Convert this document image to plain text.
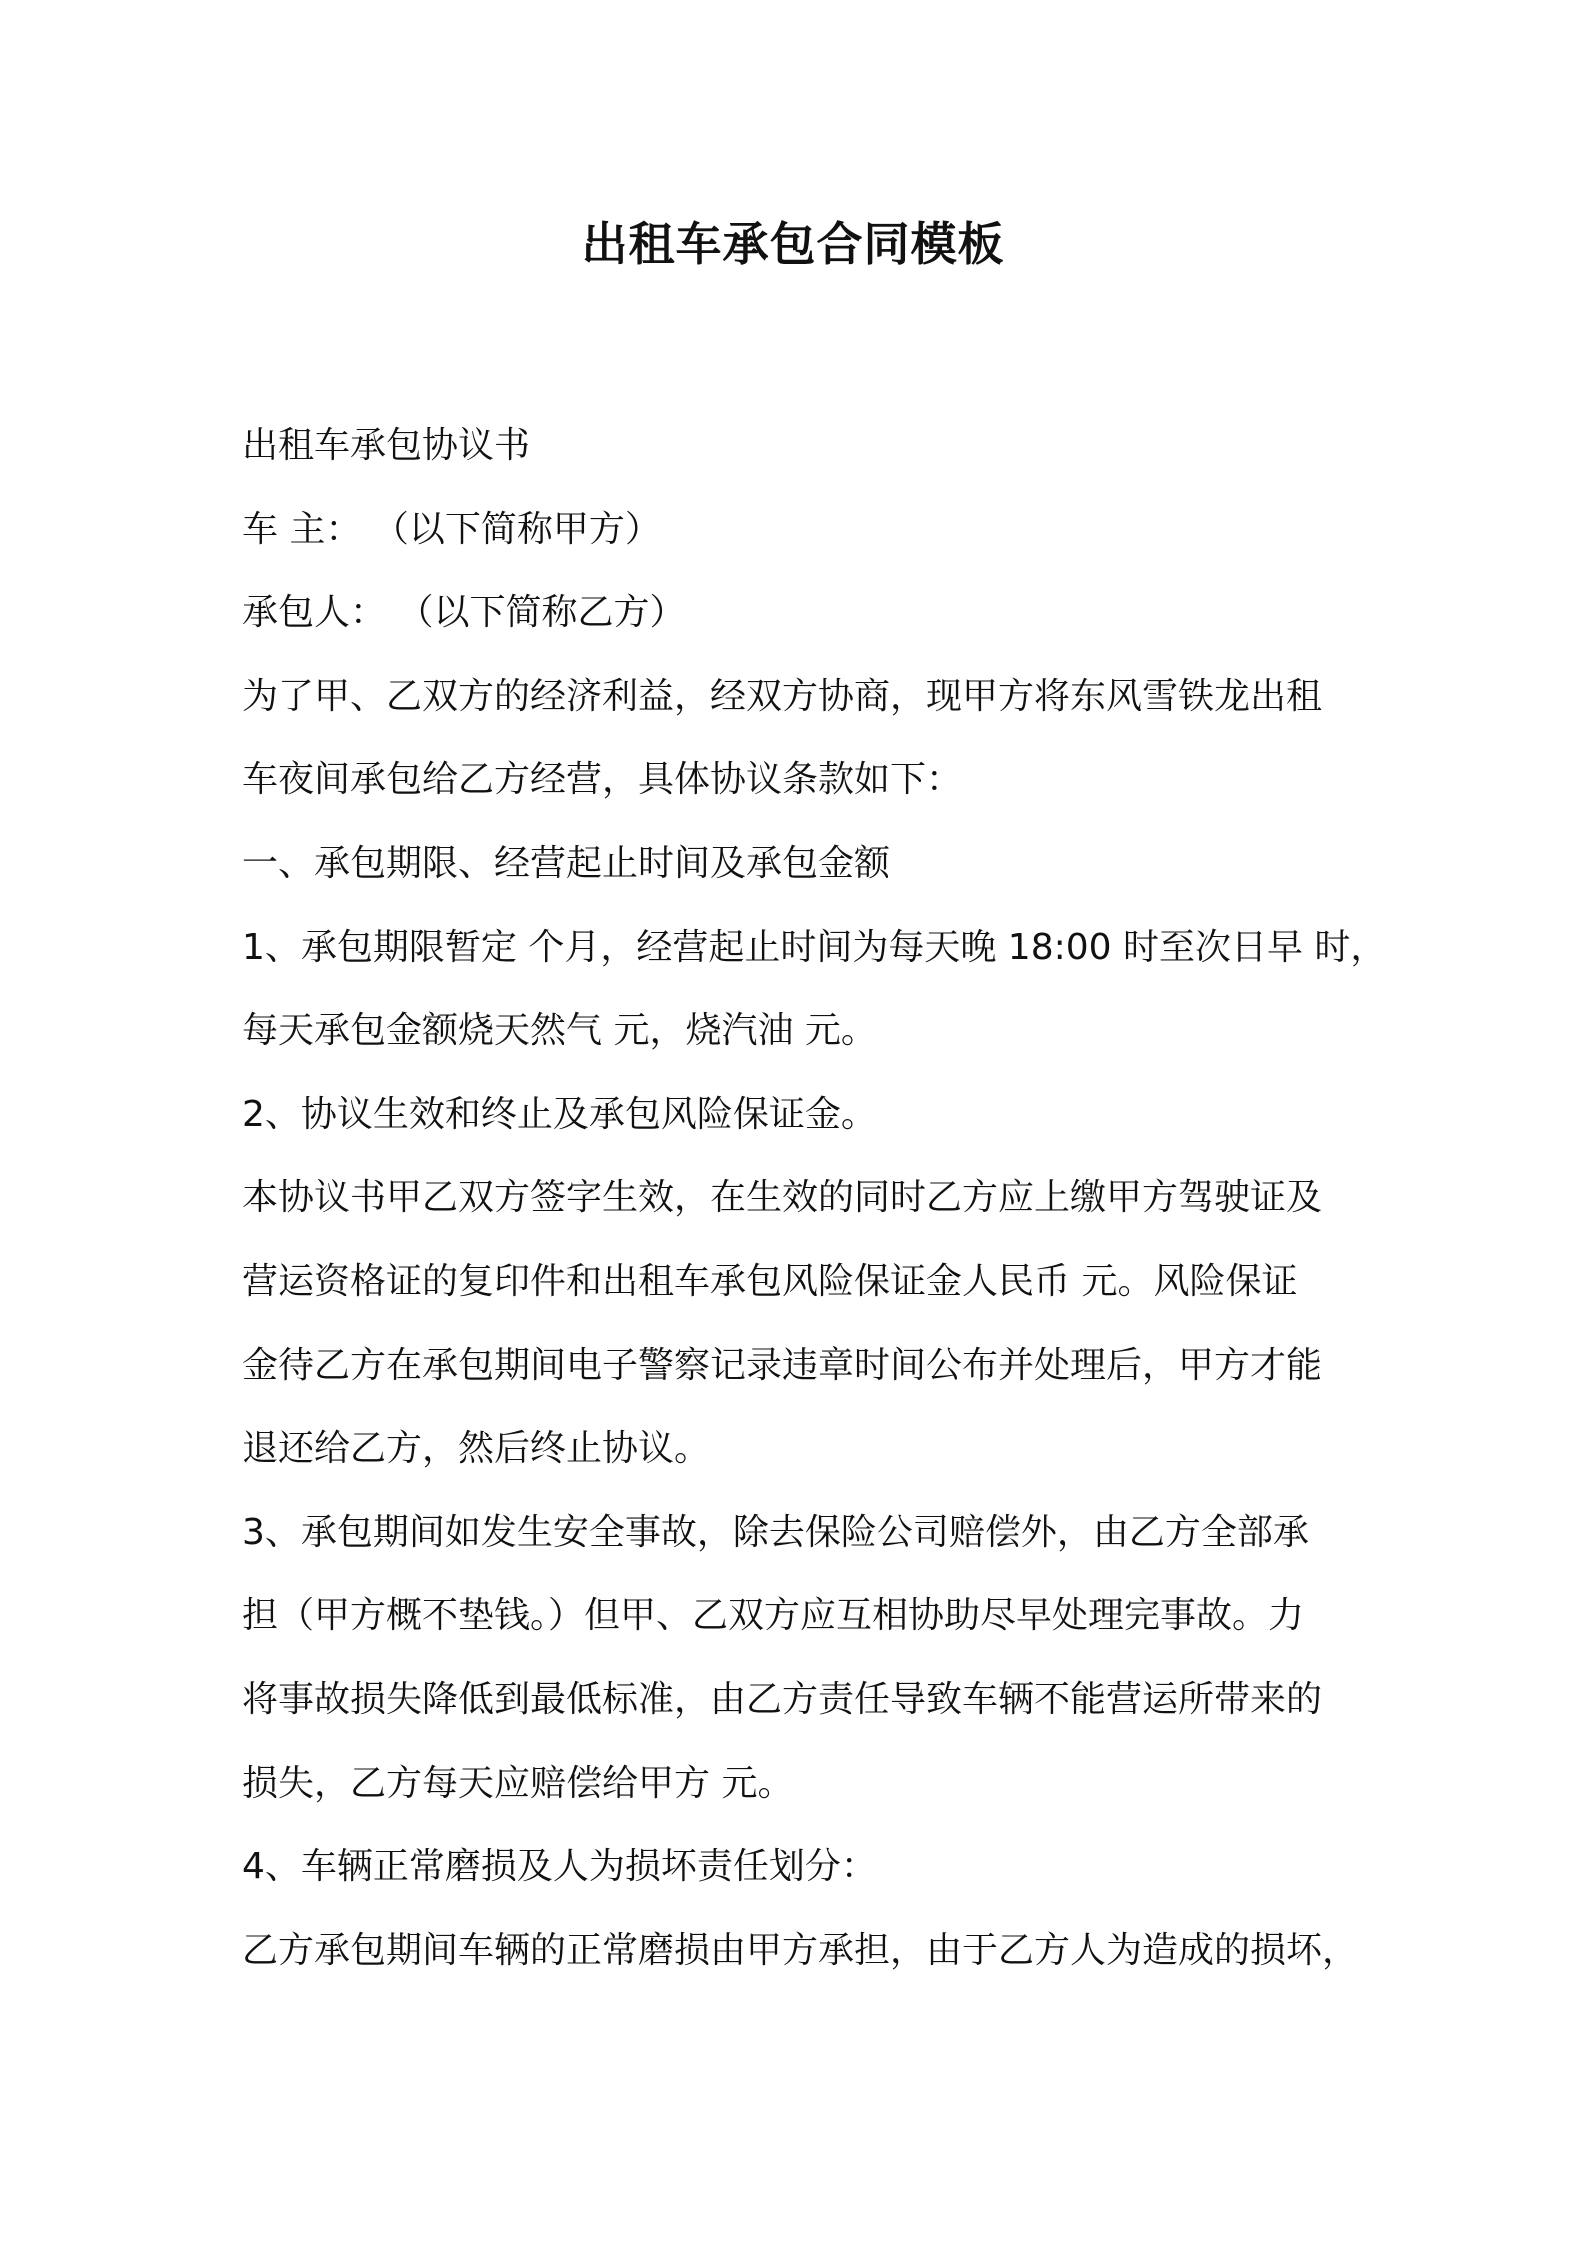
出租车承包合同模板
出租车承包协议书
车 主： （以下简称甲方）
承包人： （以下简称乙方）
为了甲、乙双方的经济利益，经双方协商，现甲方将东风雪铁龙出租
车夜间承包给乙方经营，具体协议条款如下：
一、承包期限、经营起止时间及承包金额
1、承包期限暂定 个月，经营起止时间为每天晚 18:00 时至次日早 时，
每天承包金额烧天然气 元，烧汽油 元。
2、协议生效和终止及承包风险保证金。
本协议书甲乙双方签字生效，在生效的同时乙方应上缴甲方驾驶证及
营运资格证的复印件和出租车承包风险保证金人民币 元。风险保证
金待乙方在承包期间电子警察记录违章时间公布并处理后，甲方才能
退还给乙方，然后终止协议。
3、承包期间如发生安全事故，除去保险公司赔偿外，由乙方全部承
担（甲方概不垫钱。）但甲、乙双方应互相协助尽早处理完事故。力
将事故损失降低到最低标准，由乙方责任导致车辆不能营运所带来的
损失，乙方每天应赔偿给甲方 元。
4、车辆正常磨损及人为损坏责任划分：
乙方承包期间车辆的正常磨损由甲方承担，由于乙方人为造成的损坏，
